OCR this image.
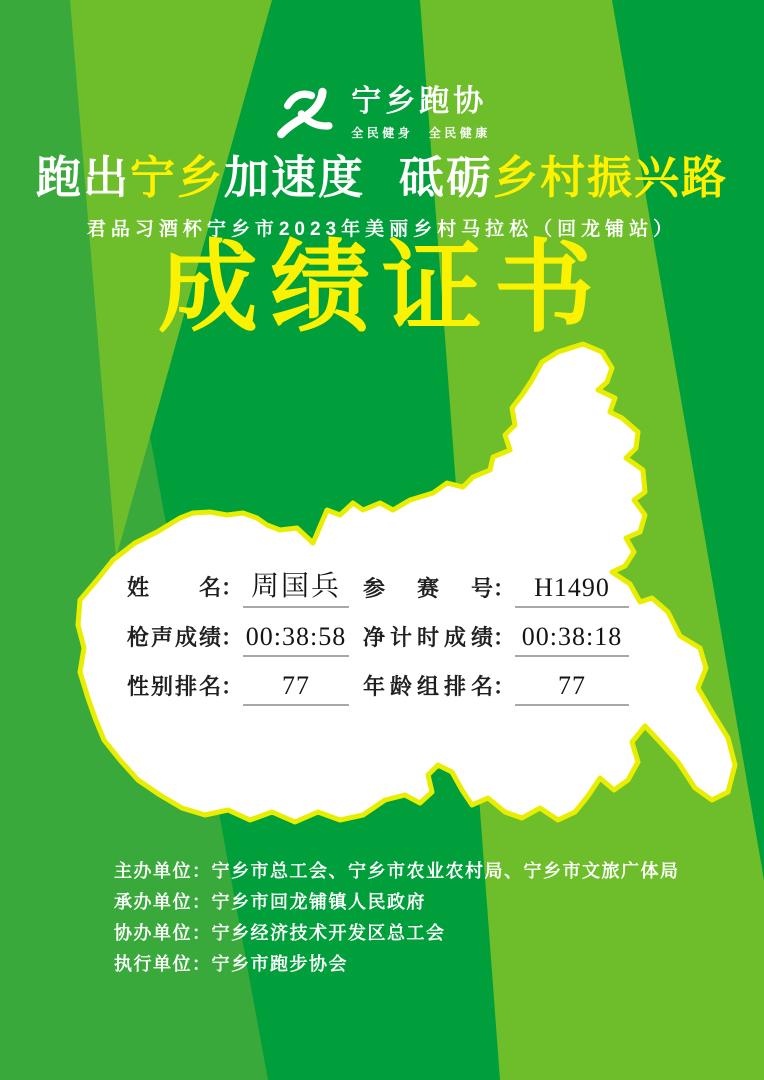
宁乡跑协
全民健身　全民健康
跑出宁乡加速度 砥砺乡村振兴路
君品习酒杯宁乡市2023年美丽乡村马拉松（回龙铺站）
成绩证书
姓名 ： 周国兵	参赛号 ： H1490
枪声成绩 ： 00:38:58 净计时成绩 ： 00:38:18
性别排名 ：	77	年龄组排名 ：	77
主办单位：宁乡市总工会、宁乡市农业农村局、宁乡市文旅广体局
承办单位：宁乡市回龙铺镇人民政府
协办单位：宁乡经济技术开发区总工会
执行单位：宁乡市跑步协会
